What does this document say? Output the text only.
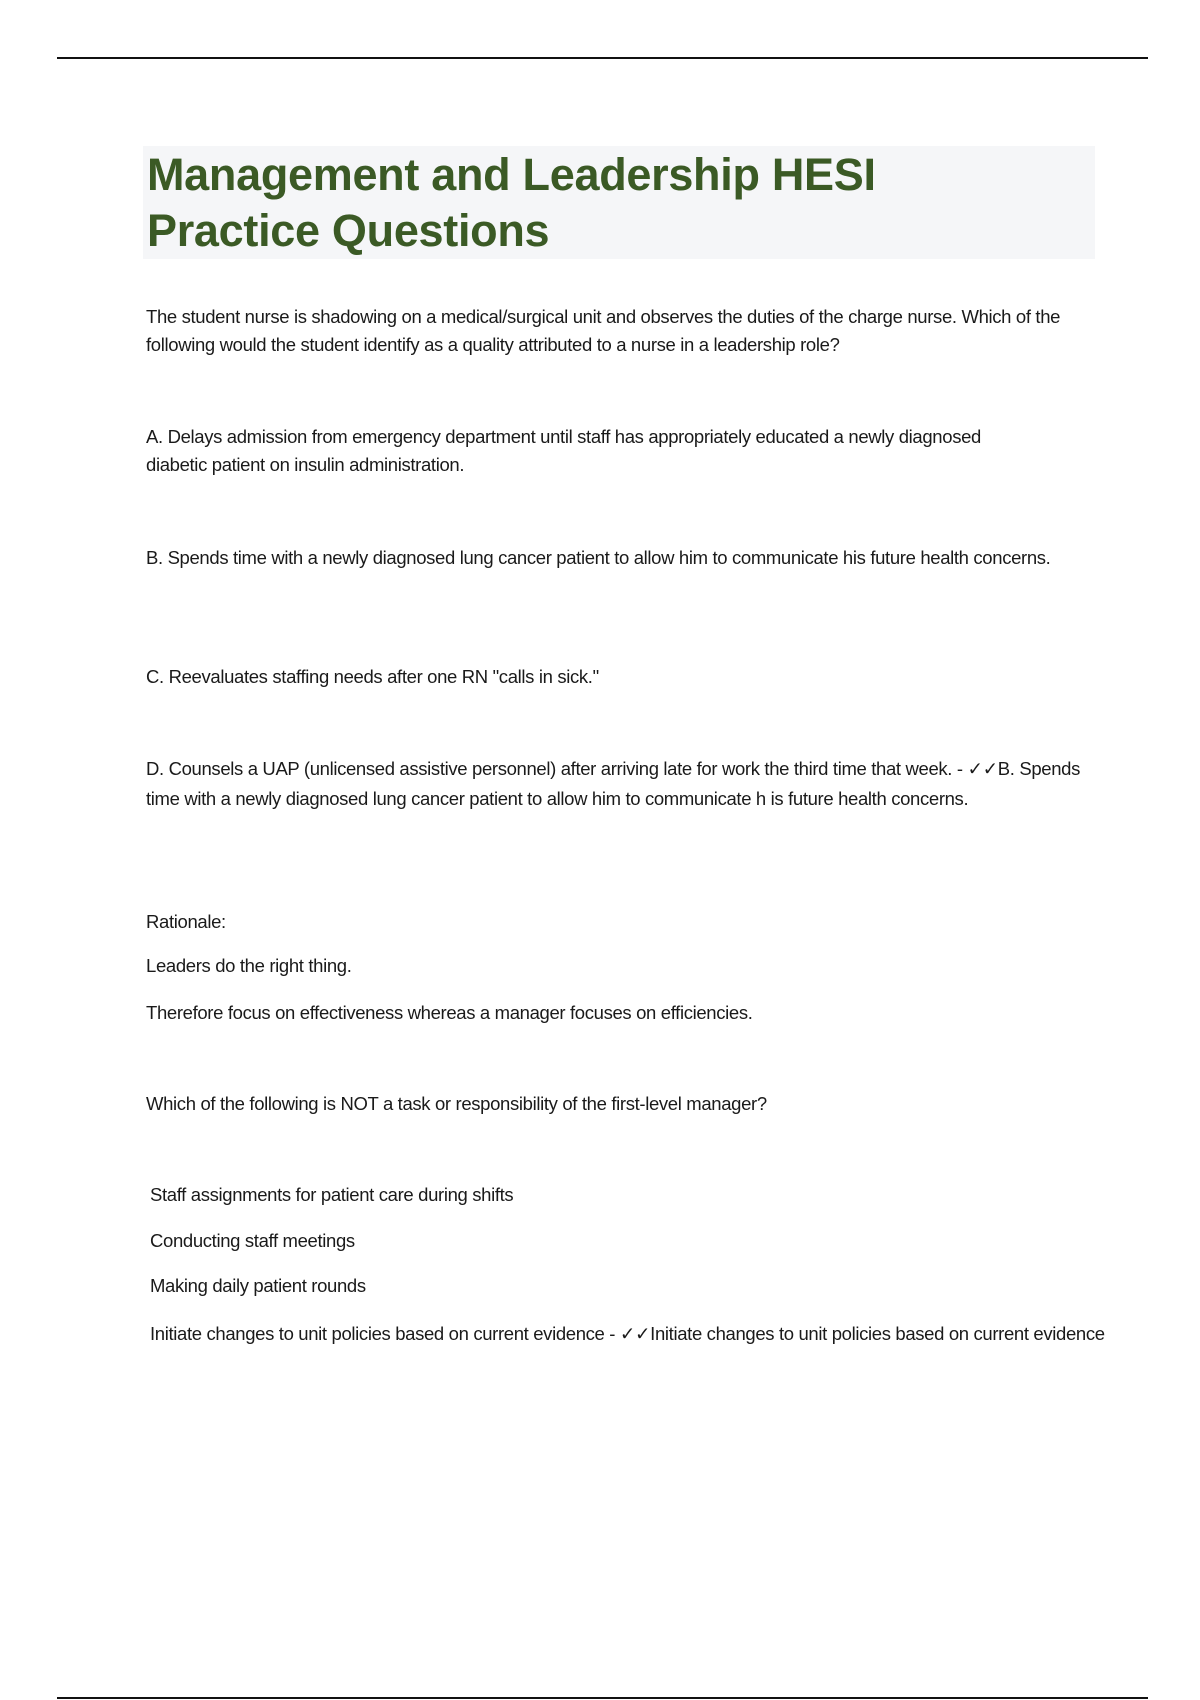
Management and Leadership HESI Practice Questions

The student nurse is shadowing on a medical/surgical unit and observes the duties of the charge nurse. Which of the following would the student identify as a quality attributed to a nurse in a leadership role?

A. Delays admission from emergency department until staff has appropriately educated a newly diagnosed diabetic patient on insulin administration.

B. Spends time with a newly diagnosed lung cancer patient to allow him to communicate his future health concerns.

C. Reevaluates staffing needs after one RN "calls in sick."

D. Counsels a UAP (unlicensed assistive personnel) after arriving late for work the third time that week. - ✓✓B. Spends time with a newly diagnosed lung cancer patient to allow him to communicate h is future health concerns.

Rationale:

Leaders do the right thing.

Therefore focus on effectiveness whereas a manager focuses on efficiencies.

Which of the following is NOT a task or responsibility of the first-level manager?

Staff assignments for patient care during shifts

Conducting staff meetings

Making daily patient rounds

Initiate changes to unit policies based on current evidence - ✓✓Initiate changes to unit policies based on current evidence
